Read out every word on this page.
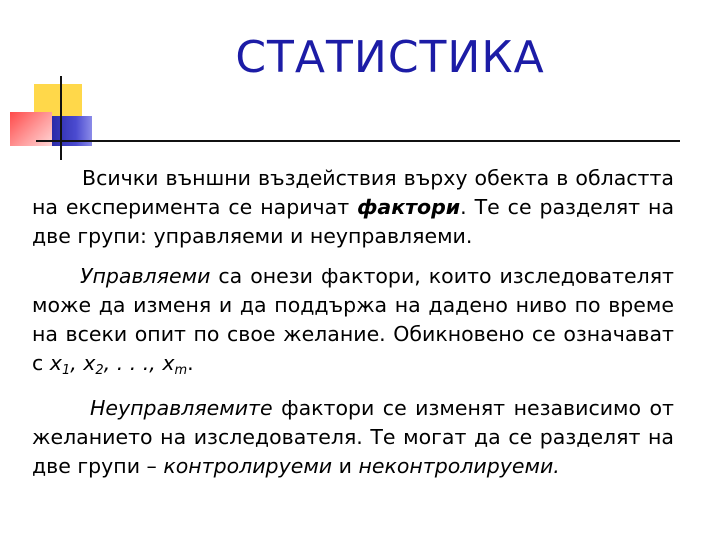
СТАТИСТИКА
Всички външни въздействия върху обекта в областта на експеримента се наричат фактори. Те се разделят на две групи: управляеми и неуправляеми.
Управляеми са онези фактори, които изследователят може да изменя и да поддържа на дадено ниво по време на всеки опит по свое желание. Обикновено се означават с $x_1$, $x_2$, . . ., $x_m$.
Неуправляемите фактори се изменят независимо от желанието на изследователя. Те могат да се разделят на две групи – контролируеми и неконтролируеми.
